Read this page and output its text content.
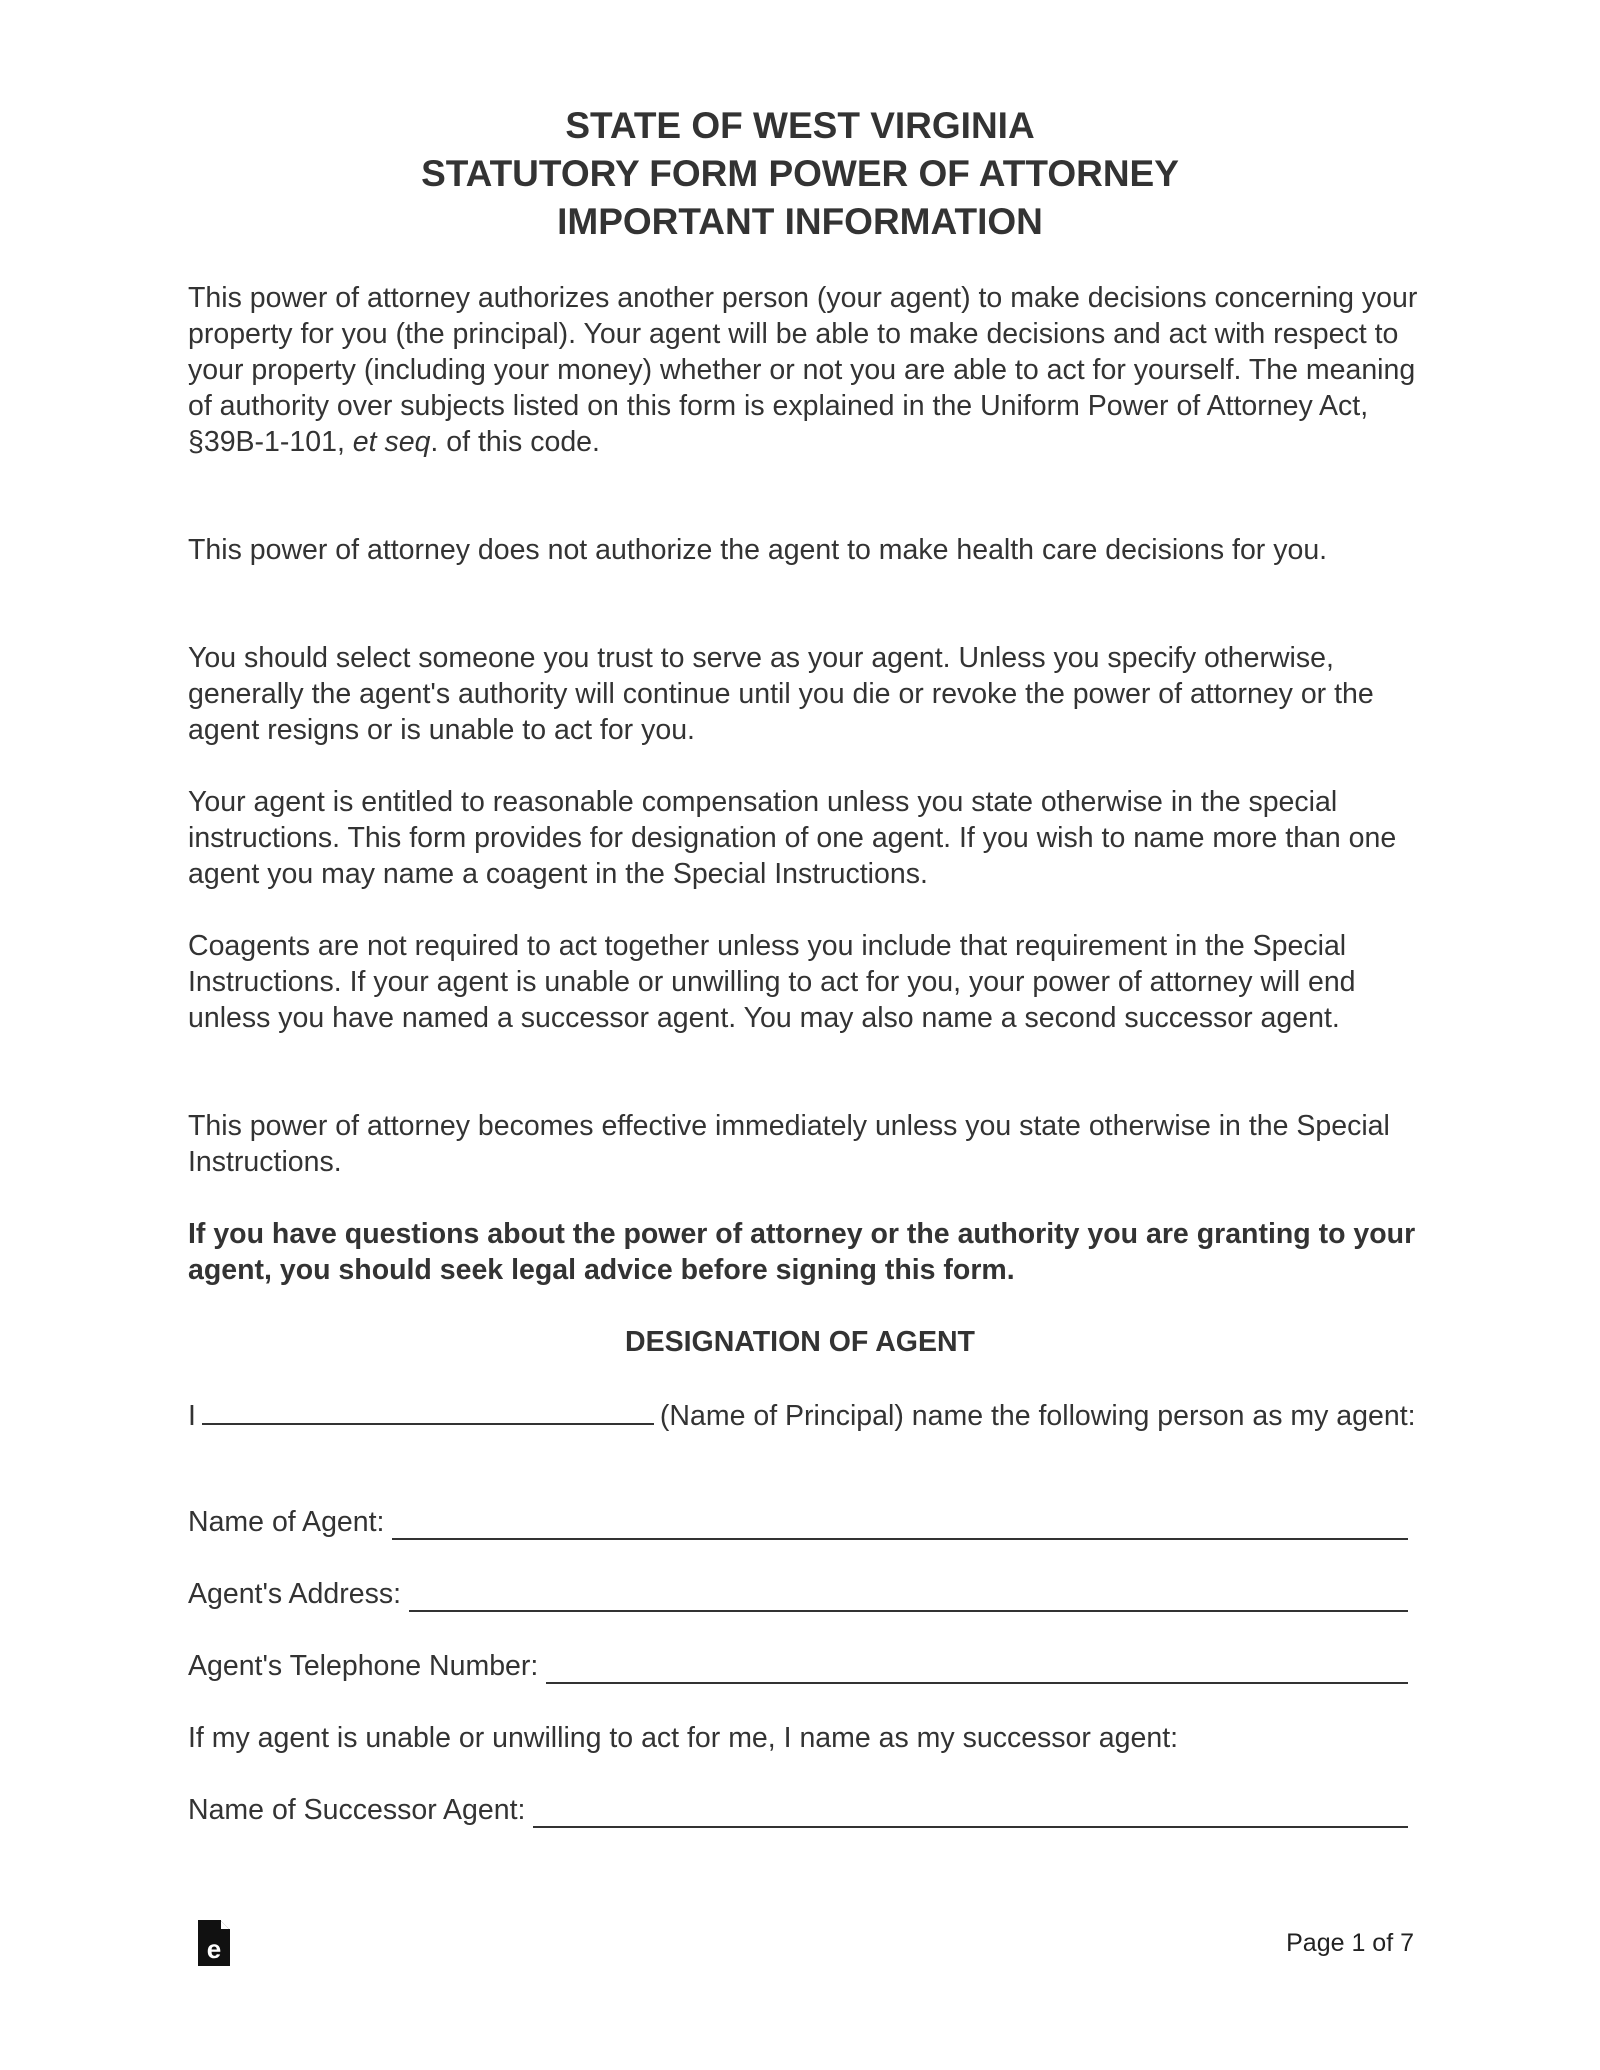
STATE OF WEST VIRGINIA
STATUTORY FORM POWER OF ATTORNEY
IMPORTANT INFORMATION
This power of attorney authorizes another person (your agent) to make decisions concerning your property for you (the principal). Your agent will be able to make decisions and act with respect to your property (including your money) whether or not you are able to act for yourself. The meaning of authority over subjects listed on this form is explained in the Uniform Power of Attorney Act, §39B-1-101, et seq. of this code.
This power of attorney does not authorize the agent to make health care decisions for you.
You should select someone you trust to serve as your agent. Unless you specify otherwise, generally the agent's authority will continue until you die or revoke the power of attorney or the agent resigns or is unable to act for you.
Your agent is entitled to reasonable compensation unless you state otherwise in the special instructions. This form provides for designation of one agent. If you wish to name more than one agent you may name a coagent in the Special Instructions.
Coagents are not required to act together unless you include that requirement in the Special Instructions. If your agent is unable or unwilling to act for you, your power of attorney will end unless you have named a successor agent. You may also name a second successor agent.
This power of attorney becomes effective immediately unless you state otherwise in the Special Instructions.
If you have questions about the power of attorney or the authority you are granting to your agent, you should seek legal advice before signing this form.
DESIGNATION OF AGENT
I	(Name of Principal) name the following person as my agent:
Name of Agent:
Agent's Address:
Agent's Telephone Number:
If my agent is unable or unwilling to act for me, I name as my successor agent:
Name of Successor Agent:
e	Page 1 of 7
